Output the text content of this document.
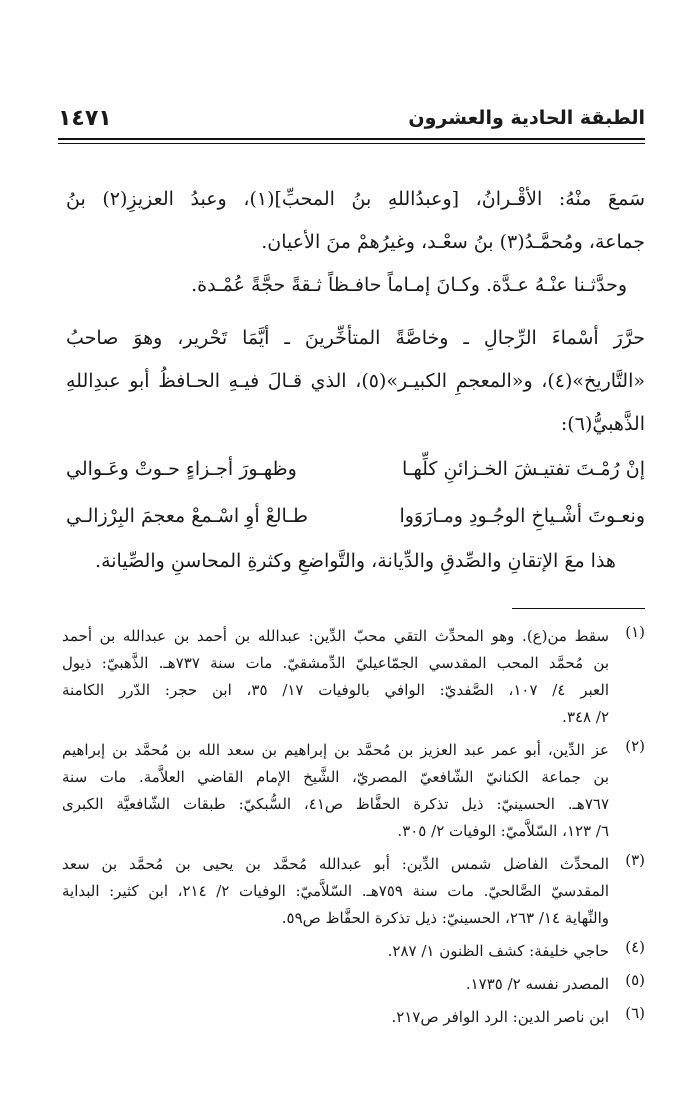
الطبقة الحادية والعشرون
١٤٧١
سَمعَ منْهُ: الأقْـرانُ، [وعبدُاللهِ بنُ المحبِّ](١)، وعبدُ العزيزِ(٢) بنُ
جماعة، ومُحمَّـدُ(٣) بنُ سعْـد، وغيرُهمْ منَ الأعيان.
وحدَّثـنا عنْـهُ عـدَّة. وكـانَ إمـاماً حافـظاً ثـقةً حجَّةً عُمْـدة.
حرَّرَ أسْماءَ الرِّجالِ ـ وخاصَّةً المتأخِّرينَ ـ أيَّمَا تَحْرير، وهوَ صاحبُ
«التَّاريخ»(٤)، و«المعجمِ الكبيـر»(٥)، الذي قـالَ فيـهِ الحـافظُ أبو عبدِاللهِ
الذَّهبيُّ(٦):
إنْ رُمْـتَ تفتيـشَ الخـزائنِ كلِّهـا
وظهـورَ أجـزاءٍ حـوتْ وعَـوالي
ونعـوتَ أشْـياخِ الوجُـودِ ومـارَوَوا
طـالعْ أوِ اسْـمعْ معجمَ البِرْزالـي
هذا معَ الإتقانِ والصِّدقِ والدِّيانة، والتَّواضعِ وكثرةِ المحاسنِ والصِّيانة.
(١)
سقط من(ع). وهو المحدِّث التقي محبّ الدِّين: عبدالله بن أحمد بن عبدالله بن أحمد
بن مُحمَّد المحب المقدسي الجمّاعيليّ الدِّمشقيّ. مات سنة ٧٣٧هـ. الذَّهبيّ: ذيول
العبر ٤/ ١٠٧، الصَّفديّ: الوافي بالوفيات ١٧/ ٣٥، ابن حجر: الدّرر الكامنة
٢/ ٣٤٨.
(٢)
عز الدِّين، أبو عمر عبد العزيز بن مُحمَّد بن إبراهيم بن سعد الله بن مُحمَّد بن إبراهيم
بن جماعة الكنانيّ الشّافعيّ المصريّ، الشَّيخ الإمام القاضي العلاَّمة. مات سنة
٧٦٧هـ. الحسينيّ: ذيل تذكرة الحفَّاظ ص٤١، السُّبكيّ: طبقات الشّافعيَّة الكبرى
٦/ ١٢٣، السّلاَّميّ: الوفيات ٢/ ٣٠٥.
(٣)
المحدِّث الفاضل شمس الدِّين: أبو عبدالله مُحمَّد بن يحيى بن مُحمَّد بن سعد
المقدسيّ الصَّالحيّ. مات سنة ٧٥٩هـ. السّلاَّميّ: الوفيات ٢/ ٢١٤، ابن كثير: البداية
والنِّهاية ١٤/ ٢٦٣، الحسينيّ: ذيل تذكرة الحفَّاظ ص٥٩.
(٤)
حاجي خليفة: كشف الظنون ١/ ٢٨٧.
(٥)
المصدر نفسه ٢/ ١٧٣٥.
(٦)
ابن ناصر الدين: الرد الوافر ص٢١٧.
